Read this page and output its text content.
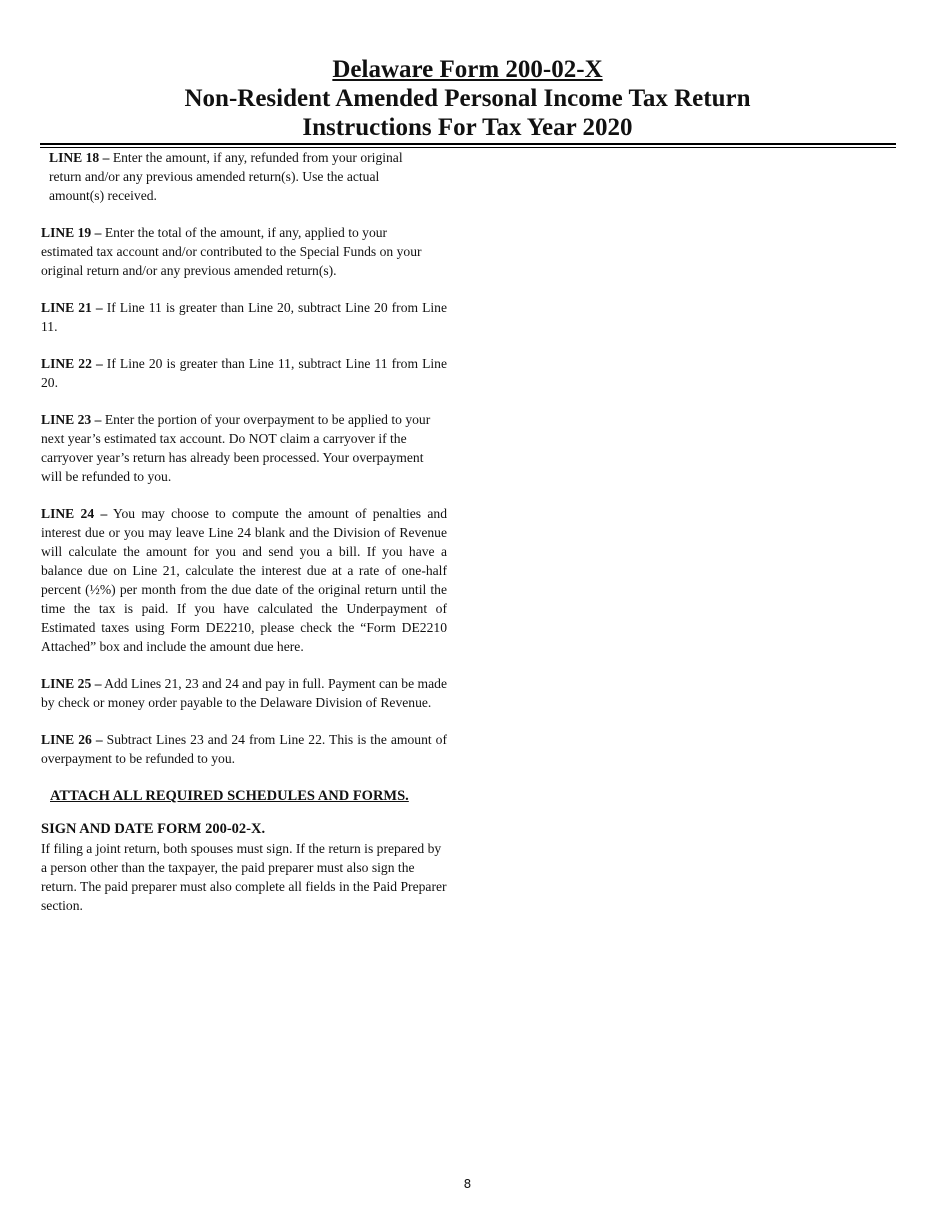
Delaware Form 200-02-X
Non-Resident Amended Personal Income Tax Return
Instructions For Tax Year 2020

LINE 18 – Enter the amount, if any, refunded from your original return and/or any previous amended return(s). Use the actual amount(s) received.

LINE 19 – Enter the total of the amount, if any, applied to your estimated tax account and/or contributed to the Special Funds on your original return and/or any previous amended return(s).

LINE 21 – If Line 11 is greater than Line 20, subtract Line 20 from Line 11.

LINE 22 – If Line 20 is greater than Line 11, subtract Line 11 from Line 20.

LINE 23 – Enter the portion of your overpayment to be applied to your next year’s estimated tax account. Do NOT claim a carryover if the carryover year’s return has already been processed. Your overpayment will be refunded to you.

LINE 24 – You may choose to compute the amount of penalties and interest due or you may leave Line 24 blank and the Division of Revenue will calculate the amount for you and send you a bill. If you have a balance due on Line 21, calculate the interest due at a rate of one-half percent (½%) per month from the due date of the original return until the time the tax is paid. If you have calculated the Underpayment of Estimated taxes using Form DE2210, please check the “Form DE2210 Attached” box and include the amount due here.

LINE 25 – Add Lines 21, 23 and 24 and pay in full. Payment can be made by check or money order payable to the Delaware Division of Revenue.

LINE 26 – Subtract Lines 23 and 24 from Line 22. This is the amount of overpayment to be refunded to you.

ATTACH ALL REQUIRED SCHEDULES AND FORMS.

SIGN AND DATE FORM 200-02-X.

If filing a joint return, both spouses must sign. If the return is prepared by a person other than the taxpayer, the paid preparer must also sign the return. The paid preparer must also complete all fields in the Paid Preparer section.

8
